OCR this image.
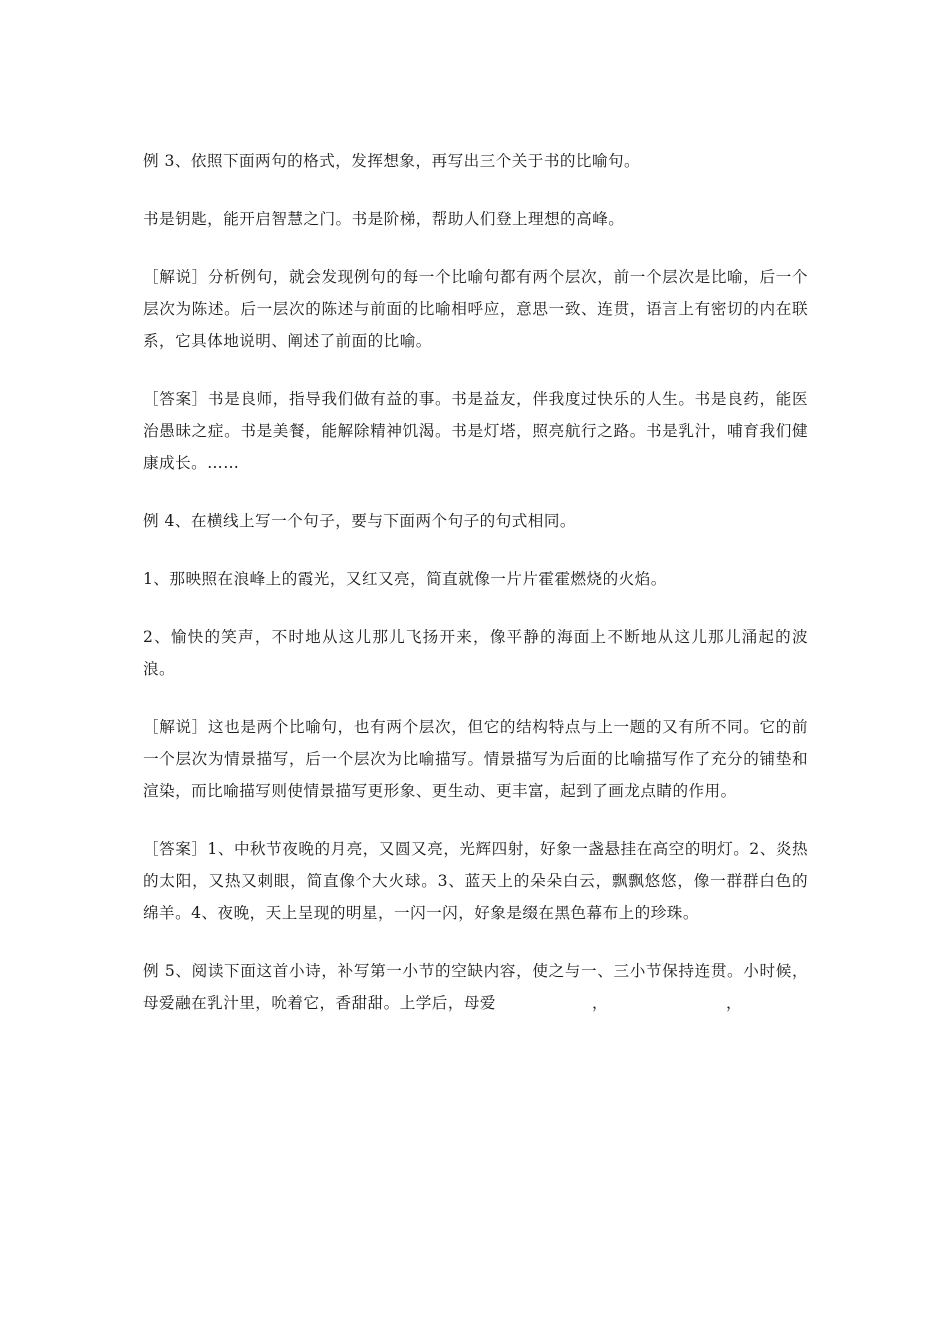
例 3、依照下面两句的格式，发挥想象，再写出三个关于书的比喻句。

书是钥匙，能开启智慧之门。书是阶梯，帮助人们登上理想的高峰。

［解说］分析例句，就会发现例句的每一个比喻句都有两个层次，前一个层次是比喻，后一个层次为陈述。后一层次的陈述与前面的比喻相呼应，意思一致、连贯，语言上有密切的内在联系，它具体地说明、阐述了前面的比喻。

［答案］书是良师，指导我们做有益的事。书是益友，伴我度过快乐的人生。书是良药，能医治愚昧之症。书是美餐，能解除精神饥渴。书是灯塔，照亮航行之路。书是乳汁，哺育我们健康成长。……

例 4、在横线上写一个句子，要与下面两个句子的句式相同。

1、那映照在浪峰上的霞光，又红又亮，简直就像一片片霍霍燃烧的火焰。

2、愉快的笑声，不时地从这儿那儿飞扬开来，像平静的海面上不断地从这儿那儿涌起的波浪。

［解说］这也是两个比喻句，也有两个层次，但它的结构特点与上一题的又有所不同。它的前一个层次为情景描写，后一个层次为比喻描写。情景描写为后面的比喻描写作了充分的铺垫和渲染，而比喻描写则使情景描写更形象、更生动、更丰富，起到了画龙点睛的作用。

［答案］1、中秋节夜晚的月亮，又圆又亮，光辉四射，好象一盏悬挂在高空的明灯。2、炎热的太阳，又热又刺眼，简直像个大火球。3、蓝天上的朵朵白云，飘飘悠悠，像一群群白色的绵羊。4、夜晚，天上呈现的明星，一闪一闪，好象是缀在黑色幕布上的珍珠。

例 5、阅读下面这首小诗，补写第一小节的空缺内容，使之与一、三小节保持连贯。小时候，母爱融在乳汁里，吮着它，香甜甜。上学后，母爱	，	，
